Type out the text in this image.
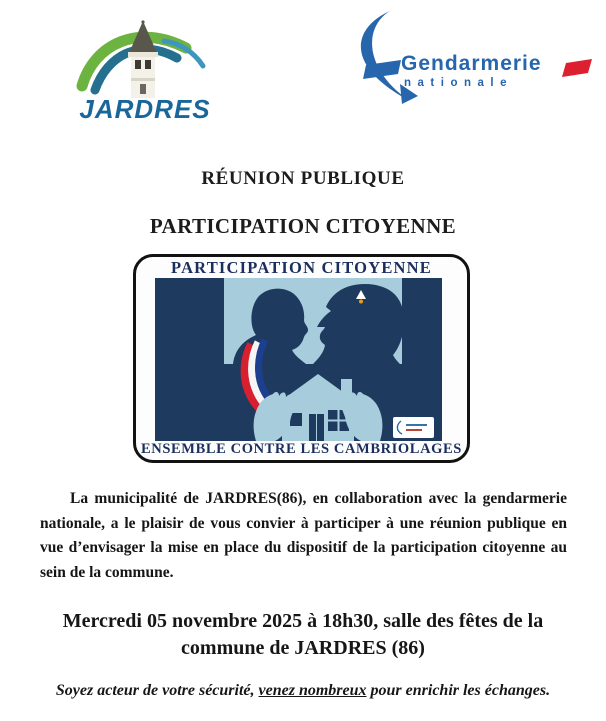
JARDRES
Gendarmerie
nationale
RÉUNION PUBLIQUE
PARTICIPATION CITOYENNE
PARTICIPATION CITOYENNE
ENSEMBLE CONTRE LES CAMBRIOLAGES

La municipalité de JARDRES(86), en collaboration avec la gendarmerie nationale, a le plaisir de vous convier à participer à une réunion publique en vue d’envisager la mise en place du dispositif de la participation citoyenne au sein de la commune.

Mercredi 05 novembre 2025 à 18h30, salle des fêtes de la commune de JARDRES (86)
Soyez acteur de votre sécurité, venez nombreux pour enrichir les échanges.
